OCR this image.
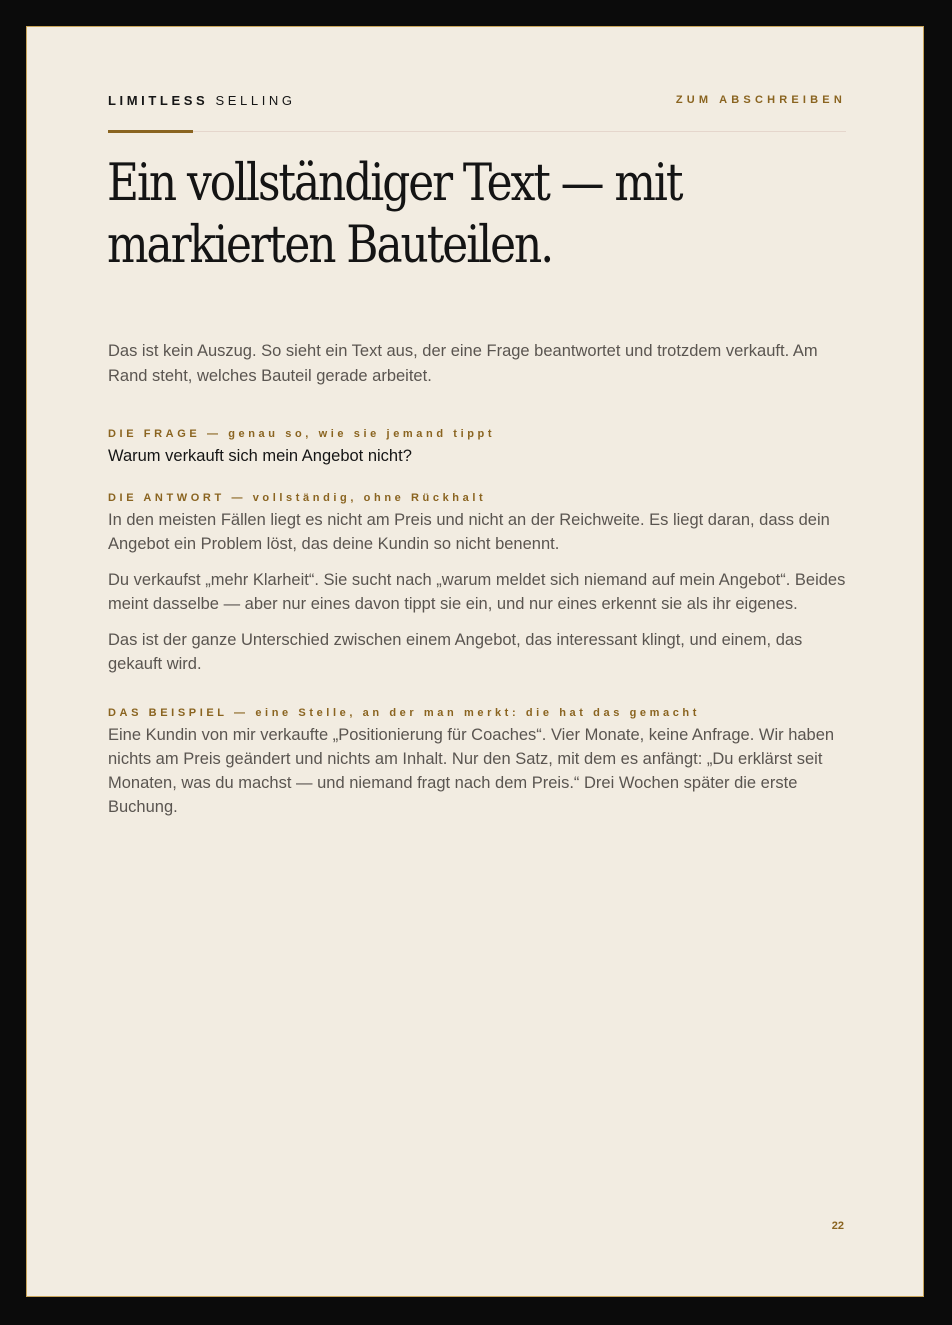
LIMITLESS SELLING	ZUM ABSCHREIBEN
Ein vollständiger Text — mit
markierten Bauteilen.

Das ist kein Auszug. So sieht ein Text aus, der eine Frage beantwortet und trotzdem verkauft. Am Rand steht, welches Bauteil gerade arbeitet.

DIE FRAGE — genau so, wie sie jemand tippt

Warum verkauft sich mein Angebot nicht?

DIE ANTWORT — vollständig, ohne Rückhalt

In den meisten Fällen liegt es nicht am Preis und nicht an der Reichweite. Es liegt daran, dass dein Angebot ein Problem löst, das deine Kundin so nicht benennt.

Du verkaufst „mehr Klarheit“. Sie sucht nach „warum meldet sich niemand auf mein Angebot“. Beides meint dasselbe — aber nur eines davon tippt sie ein, und nur eines erkennt sie als ihr eigenes.

Das ist der ganze Unterschied zwischen einem Angebot, das interessant klingt, und einem, das gekauft wird.

DAS BEISPIEL — eine Stelle, an der man merkt: die hat das gemacht

Eine Kundin von mir verkaufte „Positionierung für Coaches“. Vier Monate, keine Anfrage. Wir haben nichts am Preis geändert und nichts am Inhalt. Nur den Satz, mit dem es anfängt: „Du erklärst seit Monaten, was du machst — und niemand fragt nach dem Preis.“ Drei Wochen später die erste Buchung.

22
